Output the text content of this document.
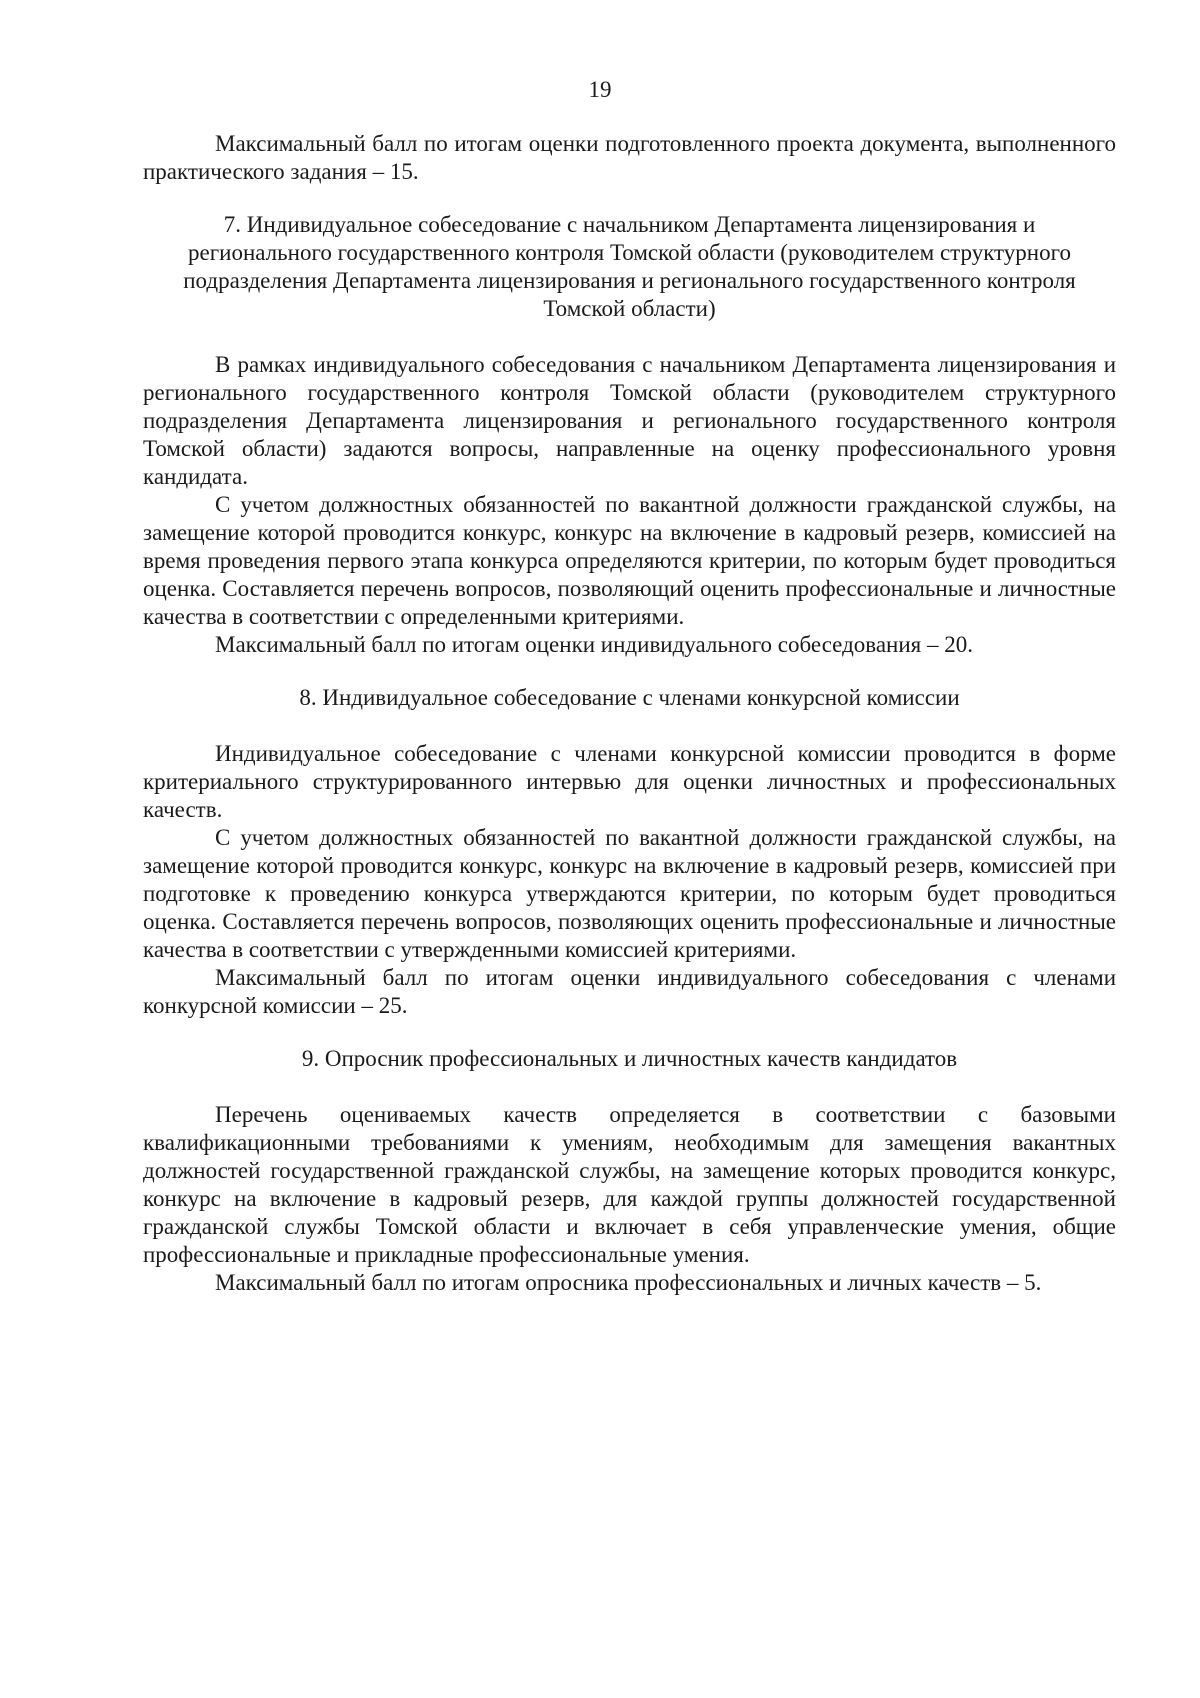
19

Максимальный балл по итогам оценки подготовленного проекта документа, выполненного практического задания – 15.

7. Индивидуальное собеседование с начальником Департамента лицензирования и регионального государственного контроля Томской области (руководителем структурного подразделения Департамента лицензирования и регионального государственного контроля Томской области)

В рамках индивидуального собеседования с начальником Департамента лицензирования и регионального государственного контроля Томской области (руководителем структурного подразделения Департамента лицензирования и регионального государственного контроля Томской области) задаются вопросы, направленные на оценку профессионального уровня кандидата.

С учетом должностных обязанностей по вакантной должности гражданской службы, на замещение которой проводится конкурс, конкурс на включение в кадровый резерв, комиссией на время проведения первого этапа конкурса определяются критерии, по которым будет проводиться оценка. Составляется перечень вопросов, позволяющий оценить профессиональные и личностные качества в соответствии с определенными критериями.

Максимальный балл по итогам оценки индивидуального собеседования – 20.

8. Индивидуальное собеседование с членами конкурсной комиссии

Индивидуальное собеседование с членами конкурсной комиссии проводится в форме критериального структурированного интервью для оценки личностных и профессиональных качеств.

С учетом должностных обязанностей по вакантной должности гражданской службы, на замещение которой проводится конкурс, конкурс на включение в кадровый резерв, комиссией при подготовке к проведению конкурса утверждаются критерии, по которым будет проводиться оценка. Составляется перечень вопросов, позволяющих оценить профессиональные и личностные качества в соответствии с утвержденными комиссией критериями.

Максимальный балл по итогам оценки индивидуального собеседования с членами конкурсной комиссии – 25.

9. Опросник профессиональных и личностных качеств кандидатов

Перечень оцениваемых качеств определяется в соответствии с базовыми квалификационными требованиями к умениям, необходимым для замещения вакантных должностей государственной гражданской службы, на замещение которых проводится конкурс, конкурс на включение в кадровый резерв, для каждой группы должностей государственной гражданской службы Томской области и включает в себя управленческие умения, общие профессиональные и прикладные профессиональные умения.

Максимальный балл по итогам опросника профессиональных и личных качеств – 5.
